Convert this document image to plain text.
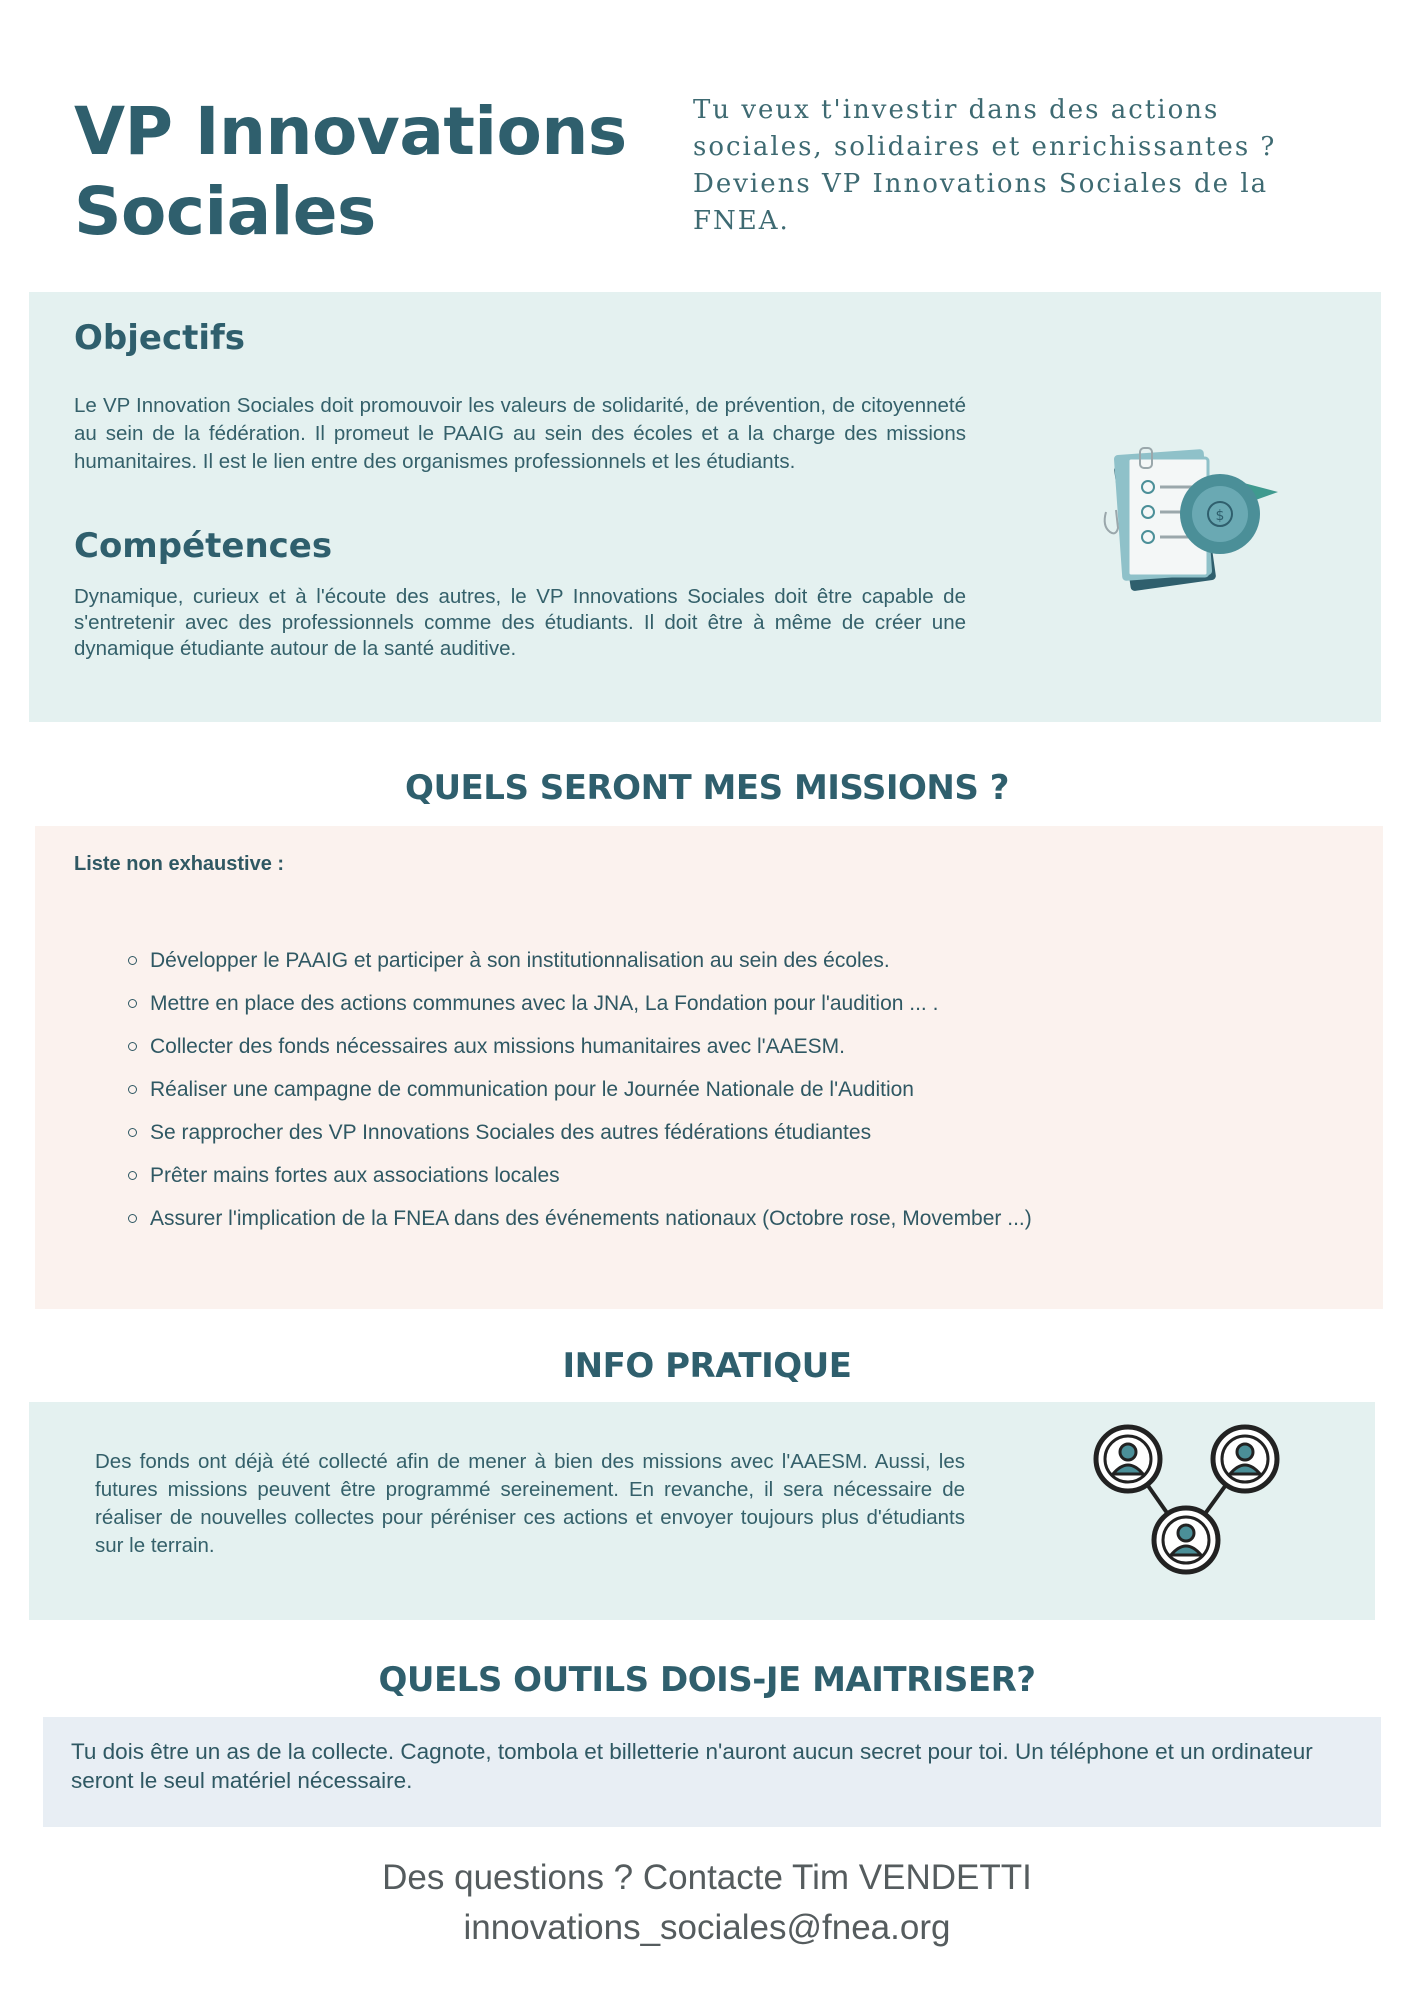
VP Innovations
Sociales

Tu veux t'investir dans des actions sociales, solidaires et enrichissantes ? Deviens VP Innovations Sociales de la FNEA.

Objectifs

Le VP Innovation Sociales doit promouvoir les valeurs de solidarité, de prévention, de citoyenneté au sein de la fédération. Il promeut le PAAIG au sein des écoles et a la charge des missions humanitaires. Il est le lien entre des organismes professionnels et les étudiants.

Compétences

Dynamique, curieux et à l'écoute des autres, le VP Innovations Sociales doit être capable de s'entretenir avec des professionnels comme des étudiants. Il doit être à même de créer une dynamique étudiante autour de la santé auditive.

$
QUELS SERONT MES MISSIONS ?
Liste non exhaustive :
Développer le PAAIG et participer à son institutionnalisation au sein des écoles.
Mettre en place des actions communes avec la JNA, La Fondation pour l'audition ... .
Collecter des fonds nécessaires aux missions humanitaires avec l'AAESM.
Réaliser une campagne de communication pour le Journée Nationale de l'Audition
Se rapprocher des VP Innovations Sociales des autres fédérations étudiantes
Prêter mains fortes aux associations locales
Assurer l'implication de la FNEA dans des événements nationaux (Octobre rose, Movember ...)
INFO PRATIQUE

Des fonds ont déjà été collecté afin de mener à bien des missions avec l'AAESM. Aussi, les futures missions peuvent être programmé sereinement. En revanche, il sera nécessaire de réaliser de nouvelles collectes pour péréniser ces actions et envoyer toujours plus d'étudiants sur le terrain.

QUELS OUTILS DOIS-JE MAITRISER?

Tu dois être un as de la collecte. Cagnote, tombola et billetterie n'auront aucun secret pour toi. Un téléphone et un ordinateur seront le seul matériel nécessaire.

Des questions ? Contacte Tim VENDETTI

innovations_sociales@fnea.org
